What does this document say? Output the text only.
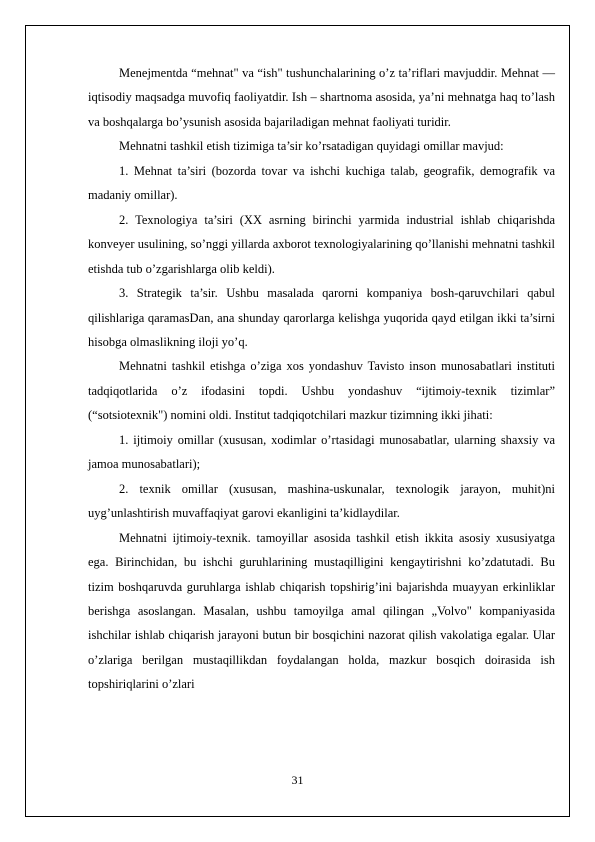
Menejmentda “mehnat" va “ish" tushunchalarining o’z ta’riflari mavjuddir. Mehnat — iqtisodiy maqsadga muvofiq faoliyatdir. Ish – shartnoma asosida, ya’ni mehnatga haq to’lash va boshqalarga bo’ysunish asosida bajariladigan mehnat faoliyati turidir.

Mehnatni tashkil etish tizimiga ta’sir ko’rsatadigan quyidagi omillar mavjud:

1. Mehnat ta’siri (bozorda tovar va ishchi kuchiga talab, geografik, demografik va madaniy omillar).

2. Texnologiya ta’siri (XX asrning birinchi yarmida industrial ishlab chiqarishda konveyer usulining, so’nggi yillarda axborot texnologiyalarining qo’llanishi mehnatni tashkil etishda tub o’zgarishlarga olib keldi).

3. Strategik ta’sir. Ushbu masalada qarorni kompaniya bosh-qaruvchilari qabul qilishlariga qaramasDan, ana shunday qarorlarga kelishga yuqorida qayd etilgan ikki ta’sirni hisobga olmaslikning iloji yo’q.

Mehnatni tashkil etishga o’ziga xos yondashuv Tavisto inson munosabatlari instituti tadqiqotlarida o’z ifodasini topdi. Ushbu yondashuv “ijtimoiy-texnik tizimlar” (“sotsiotexnik") nomini oldi. Institut tadqiqotchilari mazkur tizimning ikki jihati:

1. ijtimoiy omillar (xususan, xodimlar o’rtasidagi munosabatlar, ularning shaxsiy va jamoa munosabatlari);

2. texnik omillar (xususan, mashina-uskunalar, texnologik jarayon, muhit)ni uyg’unlashtirish muvaffaqiyat garovi ekanligini ta’kidlaydilar.

Mehnatni ijtimoiy-texnik. tamoyillar asosida tashkil etish ikkita asosiy xususiyatga ega. Birinchidan, bu ishchi guruhlarining mustaqilligini kengaytirishni ko’zdatutadi. Bu tizim boshqaruvda guruhlarga ishlab chiqarish topshirig’ini bajarishda muayyan erkinliklar berishga asoslangan. Masalan, ushbu tamoyilga amal qilingan „Volvo" kompaniyasida ishchilar ishlab chiqarish jarayoni butun bir bosqichini nazorat qilish vakolatiga egalar. Ular o’zlariga berilgan mustaqillikdan foydalangan holda, mazkur bosqich doirasida ish topshiriqlarini o’zlari

31
